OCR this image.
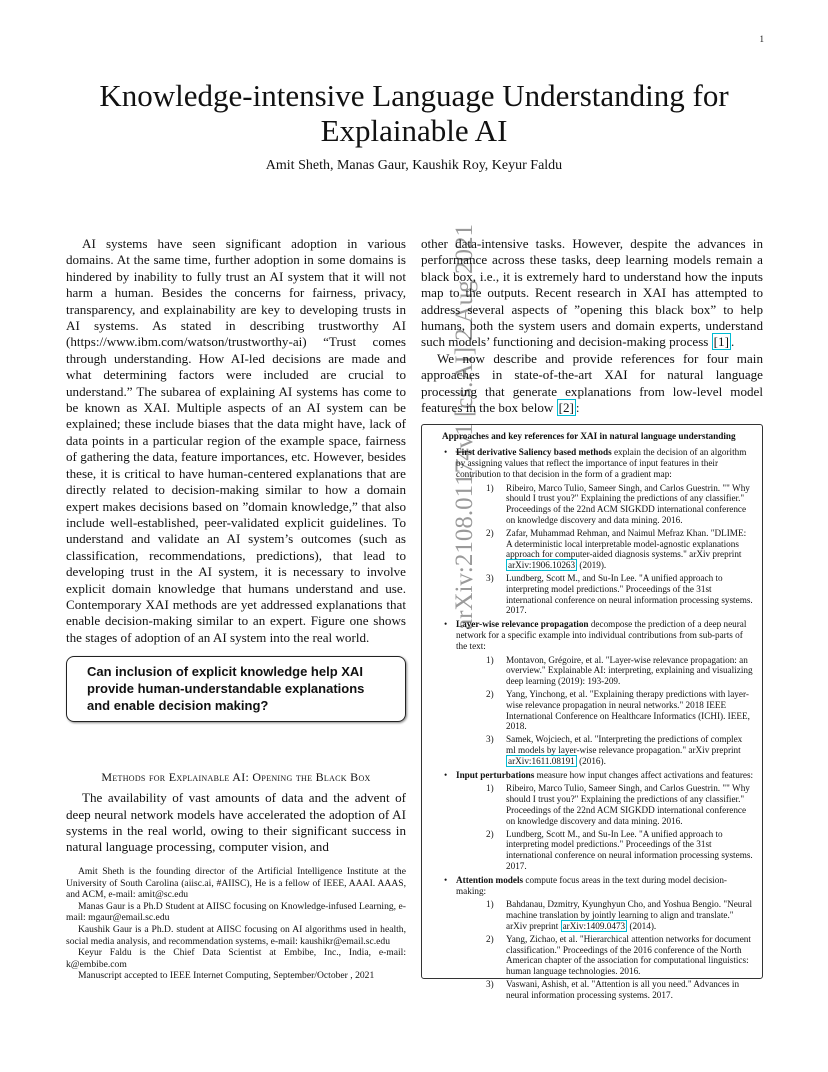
1
Knowledge-intensive Language Understanding for Explainable AI
Amit Sheth, Manas Gaur, Kaushik Roy, Keyur Faldu

AI systems have seen significant adoption in various domains. At the same time, further adoption in some domains is hindered by inability to fully trust an AI system that it will not harm a human. Besides the concerns for fairness, privacy, transparency, and explainability are key to developing trusts in AI systems. As stated in describing trustworthy AI (https://www.ibm.com/watson/trustworthy-ai) “Trust comes through understanding. How AI-led decisions are made and what determining factors were included are crucial to understand.” The subarea of explaining AI systems has come to be known as XAI. Multiple aspects of an AI system can be explained; these include biases that the data might have, lack of data points in a particular region of the example space, fairness of gathering the data, feature importances, etc. However, besides these, it is critical to have human-centered explanations that are directly related to decision-making similar to how a domain expert makes decisions based on ”domain knowledge,” that also include well-established, peer-validated explicit guidelines. To understand and validate an AI system’s outcomes (such as classification, recommendations, predictions), that lead to developing trust in the AI system, it is necessary to involve explicit domain knowledge that humans understand and use. Contemporary XAI methods are yet addressed explanations that enable decision-making similar to an expert. Figure one shows the stages of adoption of an AI system into the real world.

Can inclusion of explicit knowledge help XAI provide human-understandable explanations and enable decision making?
Methods for Explainable AI: Opening the Black Box

The availability of vast amounts of data and the advent of deep neural network models have accelerated the adoption of AI systems in the real world, owing to their significant success in natural language processing, computer vision, and

Amit Sheth is the founding director of the Artificial Intelligence Institute at the University of South Carolina (aiisc.ai, #AIISC), He is a fellow of IEEE, AAAI. AAAS, and ACM, e-mail: amit@sc.edu

Manas Gaur is a Ph.D Student at AIISC focusing on Knowledge-infused Learning, e-mail: mgaur@email.sc.edu

Kaushik Gaur is a Ph.D. student at AIISC focusing on AI algorithms used in health, social media analysis, and recommendation systems, e-mail: kaushikr@email.sc.edu

Keyur Faldu is the Chief Data Scientist at Embibe, Inc., India, e-mail: k@embibe.com

Manuscript accepted to IEEE Internet Computing, September/October , 2021

arXiv:2108.01174v1 [cs.AI] 2 Aug 2021

other data-intensive tasks. However, despite the advances in performance across these tasks, deep learning models remain a black box, i.e., it is extremely hard to understand how the inputs map to the outputs. Recent research in XAI has attempted to address several aspects of ”opening this black box” to help humans, both the system users and domain experts, understand such models’ functioning and decision-making process [1] .

We now describe and provide references for four main approaches in state-of-the-art XAI for natural language processing that generate explanations from low-level model features in the box below [2] :

Approaches and key references for XAI in natural language understanding
• First derivative Saliency based methods explain the decision of an algorithm by assigning values that reflect the importance of input features in their contribution to that decision in the form of a gradient map:
1) Ribeiro, Marco Tulio, Sameer Singh, and Carlos Guestrin. "" Why should I trust you?" Explaining the predictions of any classifier." Proceedings of the 22nd ACM SIGKDD international conference on knowledge discovery and data mining. 2016.
2) Zafar, Muhammad Rehman, and Naimul Mefraz Khan. "DLIME: A deterministic local interpretable model-agnostic explanations approach for computer-aided diagnosis systems." arXiv preprint arXiv:1906.10263 (2019).
3) Lundberg, Scott M., and Su-In Lee. "A unified approach to interpreting model predictions." Proceedings of the 31st international conference on neural information processing systems. 2017.
• Layer-wise relevance propagation decompose the prediction of a deep neural network for a specific example into individual contributions from sub-parts of the text:
1) Montavon, Grégoire, et al. "Layer-wise relevance propagation: an overview." Explainable AI: interpreting, explaining and visualizing deep learning (2019): 193-209.
2) Yang, Yinchong, et al. "Explaining therapy predictions with layer-wise relevance propagation in neural networks." 2018 IEEE International Conference on Healthcare Informatics (ICHI). IEEE, 2018.
3) Samek, Wojciech, et al. "Interpreting the predictions of complex ml models by layer-wise relevance propagation." arXiv preprint arXiv:1611.08191 (2016).
• Input perturbations measure how input changes affect activations and features:
1) Ribeiro, Marco Tulio, Sameer Singh, and Carlos Guestrin. "" Why should I trust you?" Explaining the predictions of any classifier." Proceedings of the 22nd ACM SIGKDD international conference on knowledge discovery and data mining. 2016.
2) Lundberg, Scott M., and Su-In Lee. "A unified approach to interpreting model predictions." Proceedings of the 31st international conference on neural information processing systems. 2017.
• Attention models compute focus areas in the text during model decision-making:
1) Bahdanau, Dzmitry, Kyunghyun Cho, and Yoshua Bengio. "Neural machine translation by jointly learning to align and translate." arXiv preprint arXiv:1409.0473 (2014).
2) Yang, Zichao, et al. "Hierarchical attention networks for document classification." Proceedings of the 2016 conference of the North American chapter of the association for computational linguistics: human language technologies. 2016.
3) Vaswani, Ashish, et al. "Attention is all you need." Advances in neural information processing systems. 2017.
